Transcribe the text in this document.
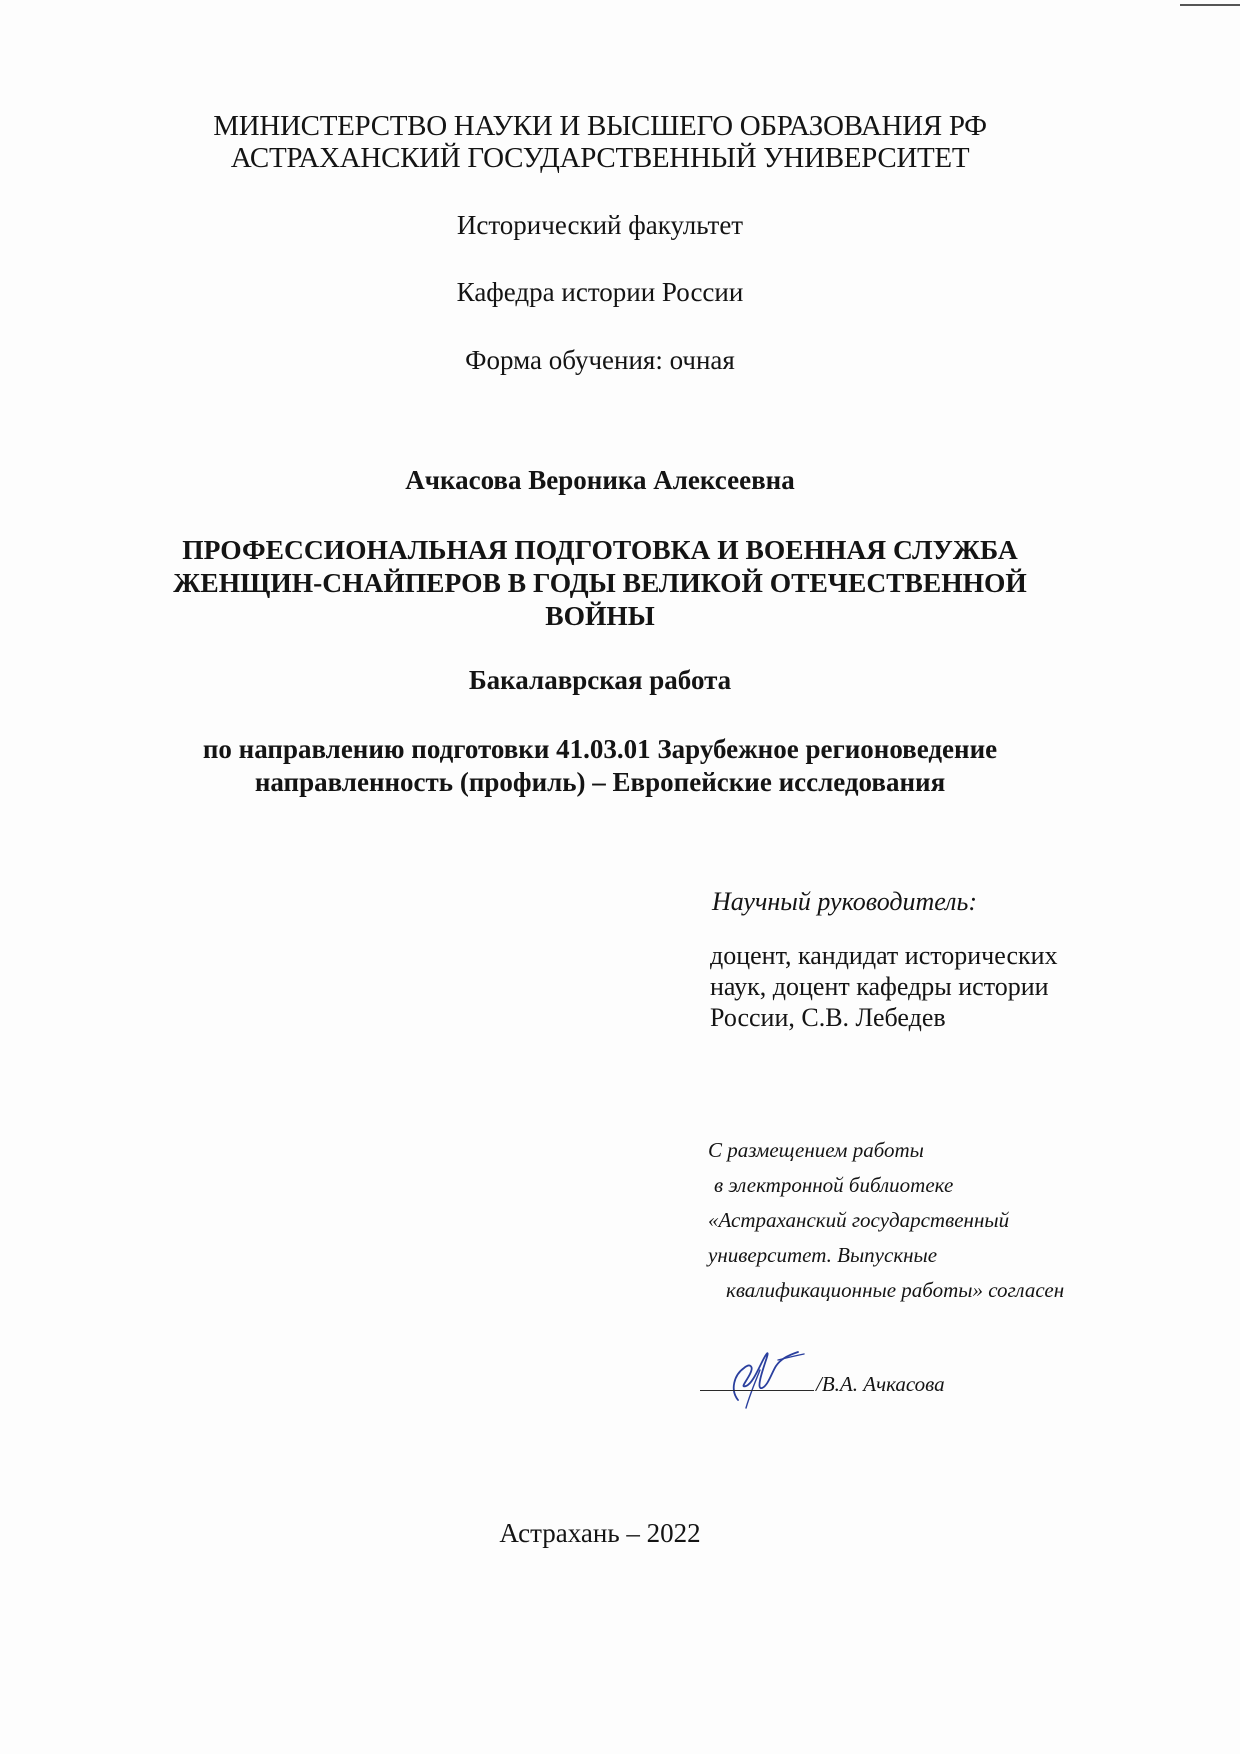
МИНИСТЕРСТВО НАУКИ И ВЫСШЕГО ОБРАЗОВАНИЯ РФ
АСТРАХАНСКИЙ ГОСУДАРСТВЕННЫЙ УНИВЕРСИТЕТ
Исторический факультет
Кафедра истории России
Форма обучения: очная
Ачкасова Вероника Алексеевна
ПРОФЕССИОНАЛЬНАЯ ПОДГОТОВКА И ВОЕННАЯ СЛУЖБА
ЖЕНЩИН-СНАЙПЕРОВ В ГОДЫ ВЕЛИКОЙ ОТЕЧЕСТВЕННОЙ
ВОЙНЫ
Бакалаврская работа
по направлению подготовки 41.03.01 Зарубежное регионоведение
направленность (профиль) – Европейские исследования
Научный руководитель:
доцент, кандидат исторических
наук, доцент кафедры истории
России, С.В. Лебедев
С размещением работы
в электронной библиотеке
«Астраханский государственный
университет. Выпускные
квалификационные работы» согласен
/В.А. Ачкасова
Астрахань – 2022
